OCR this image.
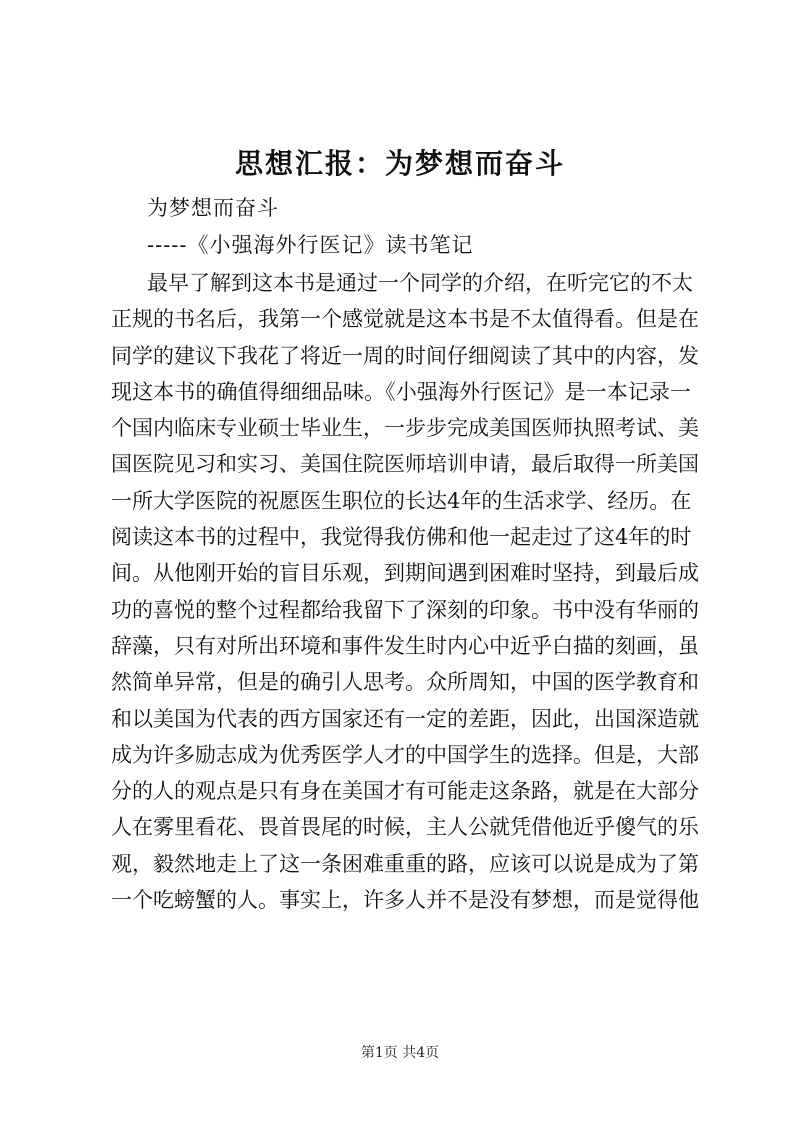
思想汇报：为梦想而奋斗

为梦想而奋斗

-----《小强海外行医记》读书笔记

最早了解到这本书是通过一个同学的介绍，在听完它的不太
正规的书名后，我第一个感觉就是这本书是不太值得看。但是在
同学的建议下我花了将近一周的时间仔细阅读了其中的内容，发
现这本书的确值得细细品味。《小强海外行医记》是一本记录一
个国内临床专业硕士毕业生，一步步完成美国医师执照考试、美
国医院见习和实习、美国住院医师培训申请，最后取得一所美国
一所大学医院的祝愿医生职位的长达4年的生活求学、经历。在
阅读这本书的过程中，我觉得我仿佛和他一起走过了这4年的时
间。从他刚开始的盲目乐观，到期间遇到困难时坚持，到最后成
功的喜悦的整个过程都给我留下了深刻的印象。书中没有华丽的
辞藻，只有对所出环境和事件发生时内心中近乎白描的刻画，虽
然简单异常，但是的确引人思考。众所周知，中国的医学教育和
和以美国为代表的西方国家还有一定的差距，因此，出国深造就
成为许多励志成为优秀医学人才的中国学生的选择。但是，大部
分的人的观点是只有身在美国才有可能走这条路，就是在大部分
人在雾里看花、畏首畏尾的时候，主人公就凭借他近乎傻气的乐
观，毅然地走上了这一条困难重重的路，应该可以说是成为了第
一个吃螃蟹的人。事实上，许多人并不是没有梦想，而是觉得他

第1页 共4页
